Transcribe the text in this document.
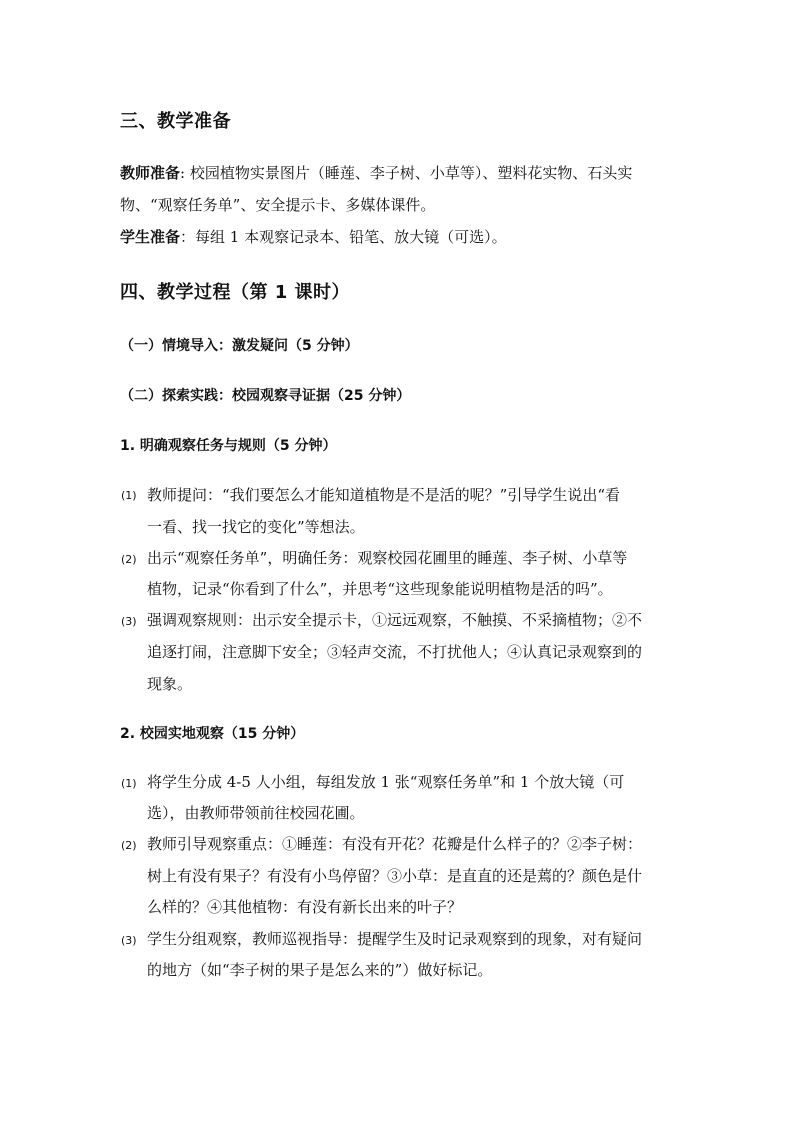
三、教学准备
教师准备: 校园植物实景图片（睡莲、李子树、小草等）、塑料花实物、石头实
物、“观察任务单”、安全提示卡、多媒体课件。
学生准备：每组 1 本观察记录本、铅笔、放大镜（可选）。
四、教学过程（第 1 课时）
（一）情境导入：激发疑问（5 分钟）
（二）探索实践：校园观察寻证据（25 分钟）
1. 明确观察任务与规则（5 分钟）
(1) 教师提问：“我们要怎么才能知道植物是不是活的呢？”引导学生说出“看
一看、找一找它的变化”等想法。
(2) 出示“观察任务单”，明确任务：观察校园花圃里的睡莲、李子树、小草等
植物，记录“你看到了什么”，并思考“这些现象能说明植物是活的吗”。
(3) 强调观察规则：出示安全提示卡，①远远观察，不触摸、不采摘植物；②不
追逐打闹，注意脚下安全；③轻声交流，不打扰他人；④认真记录观察到的
现象。
2. 校园实地观察（15 分钟）
(1) 将学生分成 4-5 人小组，每组发放 1 张“观察任务单”和 1 个放大镜（可
选），由教师带领前往校园花圃。
(2) 教师引导观察重点：①睡莲：有没有开花？花瓣是什么样子的？②李子树：
树上有没有果子？有没有小鸟停留？③小草：是直直的还是蔫的？颜色是什
么样的？④其他植物：有没有新长出来的叶子？
(3) 学生分组观察，教师巡视指导：提醒学生及时记录观察到的现象，对有疑问
的地方（如“李子树的果子是怎么来的”）做好标记。
